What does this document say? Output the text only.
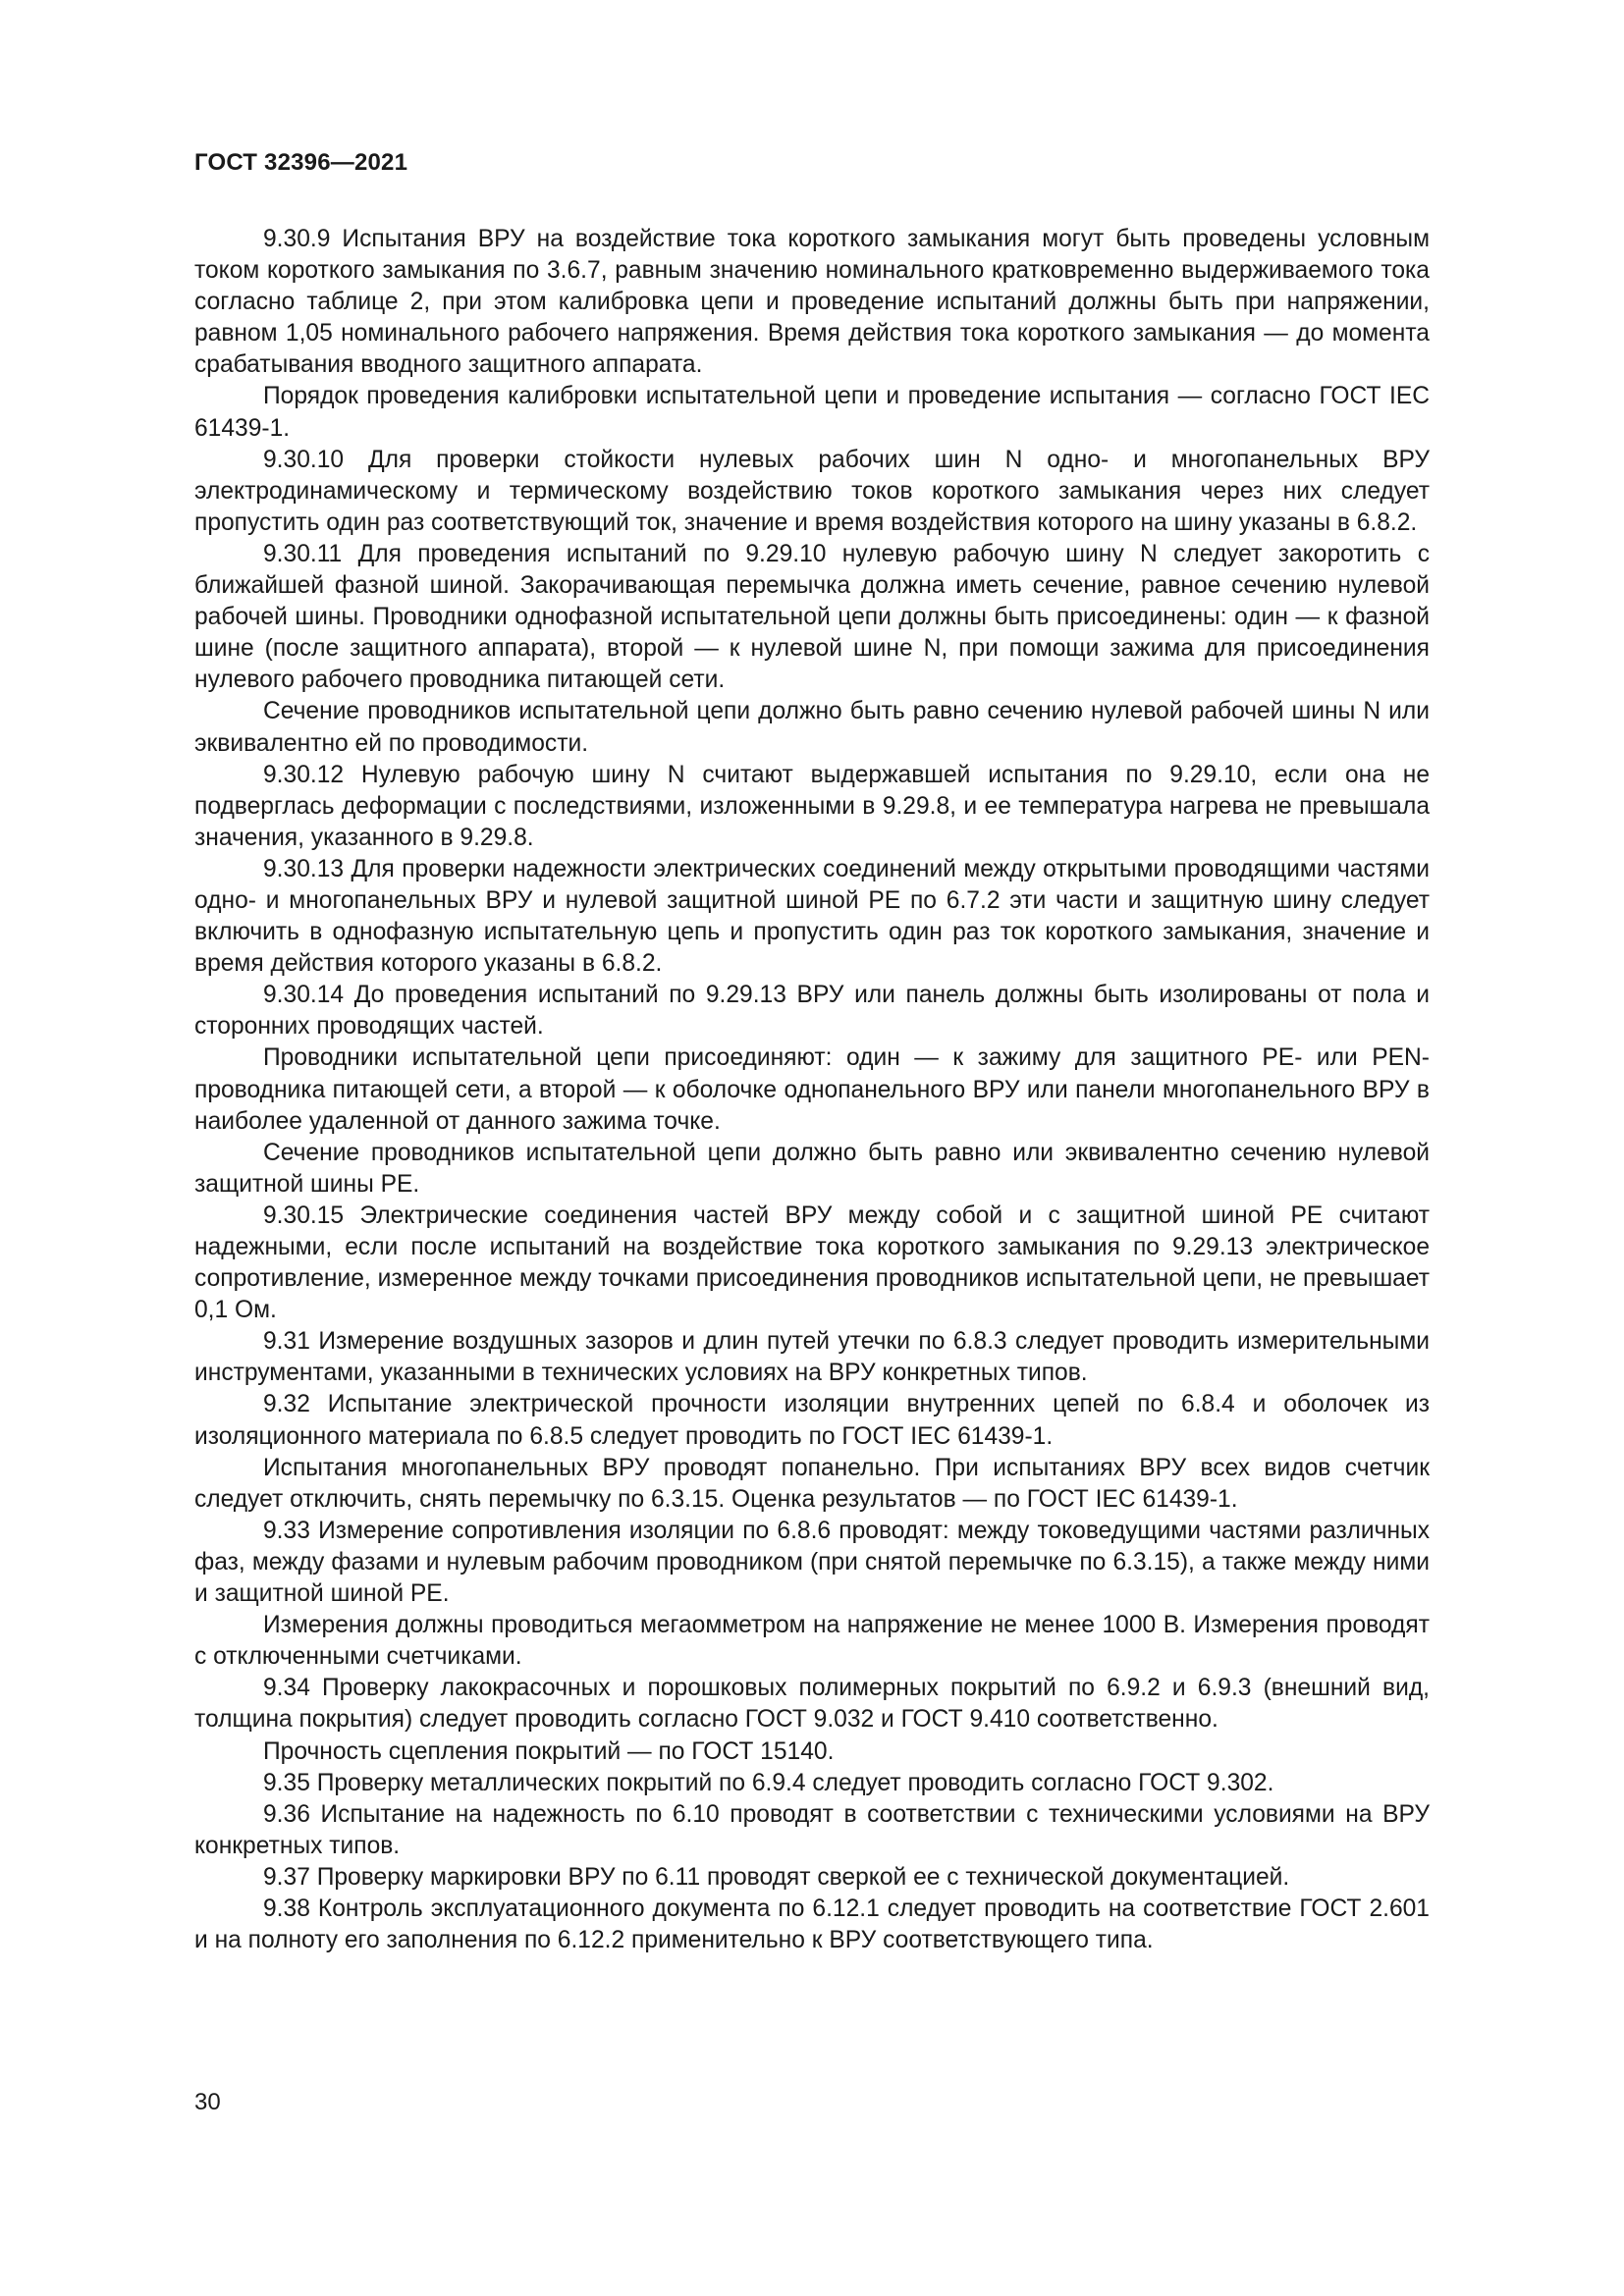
ГОСТ 32396—2021

9.30.9 Испытания ВРУ на воздействие тока короткого замыкания могут быть проведены условным током короткого замыкания по 3.6.7, равным значению номинального кратковременно выдерживаемого тока согласно таблице 2, при этом калибровка цепи и проведение испытаний должны быть при напряжении, равном 1,05 номинального рабочего напряжения. Время действия тока короткого замыкания — до момента срабатывания вводного защитного аппарата.

Порядок проведения калибровки испытательной цепи и проведение испытания — согласно ГОСТ IEC 61439-1.

9.30.10 Для проверки стойкости нулевых рабочих шин N одно- и многопанельных ВРУ электродинамическому и термическому воздействию токов короткого замыкания через них следует пропустить один раз соответствующий ток, значение и время воздействия которого на шину указаны в 6.8.2.

9.30.11 Для проведения испытаний по 9.29.10 нулевую рабочую шину N следует закоротить с ближайшей фазной шиной. Закорачивающая перемычка должна иметь сечение, равное сечению нулевой рабочей шины. Проводники однофазной испытательной цепи должны быть присоединены: один — к фазной шине (после защитного аппарата), второй — к нулевой шине N, при помощи зажима для присоединения нулевого рабочего проводника питающей сети.

Сечение проводников испытательной цепи должно быть равно сечению нулевой рабочей шины N или эквивалентно ей по проводимости.

9.30.12 Нулевую рабочую шину N считают выдержавшей испытания по 9.29.10, если она не подверглась деформации с последствиями, изложенными в 9.29.8, и ее температура нагрева не превышала значения, указанного в 9.29.8.

9.30.13 Для проверки надежности электрических соединений между открытыми проводящими частями одно- и многопанельных ВРУ и нулевой защитной шиной PE по 6.7.2 эти части и защитную шину следует включить в однофазную испытательную цепь и пропустить один раз ток короткого замыкания, значение и время действия которого указаны в 6.8.2.

9.30.14 До проведения испытаний по 9.29.13 ВРУ или панель должны быть изолированы от пола и сторонних проводящих частей.

Проводники испытательной цепи присоединяют: один — к зажиму для защитного PE- или PEN-проводника питающей сети, а второй — к оболочке однопанельного ВРУ или панели многопанельного ВРУ в наиболее удаленной от данного зажима точке.

Сечение проводников испытательной цепи должно быть равно или эквивалентно сечению нулевой защитной шины PE.

9.30.15 Электрические соединения частей ВРУ между собой и с защитной шиной PE считают надежными, если после испытаний на воздействие тока короткого замыкания по 9.29.13 электрическое сопротивление, измеренное между точками присоединения проводников испытательной цепи, не превышает 0,1 Ом.

9.31 Измерение воздушных зазоров и длин путей утечки по 6.8.3 следует проводить измерительными инструментами, указанными в технических условиях на ВРУ конкретных типов.

9.32 Испытание электрической прочности изоляции внутренних цепей по 6.8.4 и оболочек из изоляционного материала по 6.8.5 следует проводить по ГОСТ IEC 61439-1.

Испытания многопанельных ВРУ проводят попанельно. При испытаниях ВРУ всех видов счетчик следует отключить, снять перемычку по 6.3.15. Оценка результатов — по ГОСТ IEC 61439-1.

9.33 Измерение сопротивления изоляции по 6.8.6 проводят: между токоведущими частями различных фаз, между фазами и нулевым рабочим проводником (при снятой перемычке по 6.3.15), а также между ними и защитной шиной PE.

Измерения должны проводиться мегаомметром на напряжение не менее 1000 В. Измерения проводят с отключенными счетчиками.

9.34 Проверку лакокрасочных и порошковых полимерных покрытий по 6.9.2 и 6.9.3 (внешний вид, толщина покрытия) следует проводить согласно ГОСТ 9.032 и ГОСТ 9.410 соответственно.

Прочность сцепления покрытий — по ГОСТ 15140.

9.35 Проверку металлических покрытий по 6.9.4 следует проводить согласно ГОСТ 9.302.

9.36 Испытание на надежность по 6.10 проводят в соответствии с техническими условиями на ВРУ конкретных типов.

9.37 Проверку маркировки ВРУ по 6.11 проводят сверкой ее с технической документацией.

9.38 Контроль эксплуатационного документа по 6.12.1 следует проводить на соответствие ГОСТ 2.601 и на полноту его заполнения по 6.12.2 применительно к ВРУ соответствующего типа.

30
